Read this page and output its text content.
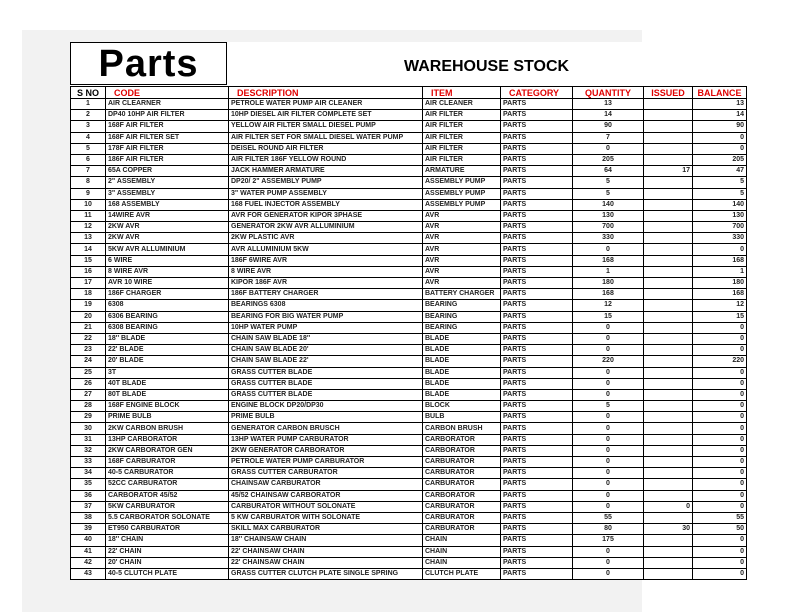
Parts	WAREHOUSE STOCK
S NO	CODE	DESCRIPTION	ITEM	CATEGORY	QUANTITY	ISSUED	BALANCE
1	AIR CLEARNER	PETROLE WATER PUMP AIR CLEANER	AIR CLEANER	PARTS	13		13
2	DP40 10HP AIR FILTER	10HP DIESEL AIR FILTER COMPLETE SET	AIR FILTER	PARTS	14		14
3	168F AIR FILTER	YELLOW AIR FILTER SMALL DIESEL PUMP	AIR FILTER	PARTS	90		90
4	168F AIR FILTER SET	AIR FILTER SET FOR SMALL DIESEL WATER PUMP	AIR FILTER	PARTS	7		0
5	178F AIR FILTER	DEISEL ROUND AIR FILTER	AIR FILTER	PARTS	0		0
6	186F AIR FILTER	AIR FILTER 186F YELLOW ROUND	AIR FILTER	PARTS	205		205
7	65A COPPER	JACK HAMMER ARMATURE	ARMATURE	PARTS	64	17	47
8	2" ASSEMBLY	DP20/ 2" ASSEMBLY PUMP	ASSEMBLY PUMP	PARTS	5		5
9	3" ASSEMBLY	3" WATER PUMP ASSEMBLY	ASSEMBLY PUMP	PARTS	5		5
10	168 ASSEMBLY	168 FUEL INJECTOR ASSEMBLY	ASSEMBLY PUMP	PARTS	140		140
11	14WIRE AVR	AVR FOR GENERATOR KIPOR 3PHASE	AVR	PARTS	130		130
12	2KW AVR	GENERATOR 2KW AVR ALLUMINIUM	AVR	PARTS	700		700
13	2KW AVR	2KW PLASTIC AVR	AVR	PARTS	330		330
14	5KW AVR ALLUMINIUM	AVR ALLUMINIUM 5KW	AVR	PARTS	0		0
15	6 WIRE	186F 6WIRE AVR	AVR	PARTS	168		168
16	8 WIRE AVR	8 WIRE AVR	AVR	PARTS	1		1
17	AVR 10 WIRE	KIPOR 186F AVR	AVR	PARTS	180		180
18	186F CHARGER	186F BATTERY CHARGER	BATTERY CHARGER	PARTS	168		168
19	6308	BEARINGS 6308	BEARING	PARTS	12		12
20	6306 BEARING	BEARING FOR BIG WATER PUMP	BEARING	PARTS	15		15
21	6308 BEARING	10HP WATER PUMP	BEARING	PARTS	0		0
22	18'' BLADE	CHAIN SAW BLADE 18''	BLADE	PARTS	0		0
23	22' BLADE	CHAIN SAW BLADE 20'	BLADE	PARTS	0		0
24	20' BLADE	CHAIN SAW BLADE 22'	BLADE	PARTS	220		220
25	3T	GRASS CUTTER BLADE	BLADE	PARTS	0		0
26	40T BLADE	GRASS CUTTER BLADE	BLADE	PARTS	0		0
27	80T BLADE	GRASS CUTTER BLADE	BLADE	PARTS	0		0
28	168F ENGINE BLOCK	ENGINE BLOCK DP20/DP30	BLOCK	PARTS	5		0
29	PRIME BULB	PRIME BULB	BULB	PARTS	0		0
30	2KW CARBON BRUSH	GENERATOR CARBON BRUSCH	CARBON BRUSH	PARTS	0		0
31	13HP CARBORATOR	13HP WATER PUMP CARBURATOR	CARBORATOR	PARTS	0		0
32	2KW CARBORATOR GEN	2KW GENERATOR CARBORATOR	CARBORATOR	PARTS	0		0
33	168F CARBURATOR	PETROLE WATER PUMP CARBURATOR	CARBURATOR	PARTS	0		0
34	40-5 CARBURATOR	GRASS CUTTER CARBURATOR	CARBURATOR	PARTS	0		0
35	52CC CARBURATOR	CHAINSAW CARBURATOR	CARBURATOR	PARTS	0		0
36	CARBORATOR 45/52	45/52 CHAINSAW CARBORATOR	CARBORATOR	PARTS	0		0
37	5KW CARBURATOR	CARBURATOR WITHOUT SOLONATE	CARBURATOR	PARTS	0	0	0
38	5.5 CARBORATOR SOLONATE	5 KW CARBURATOR WITH SOLONATE	CARBURATOR	PARTS	55		55
39	ET950 CARBURATOR	SKILL MAX CARBURATOR	CARBURATOR	PARTS	80	30	50
40	18'' CHAIN	18'' CHAINSAW CHAIN	CHAIN	PARTS	175		0
41	22' CHAIN	22' CHAINSAW CHAIN	CHAIN	PARTS	0		0
42	20' CHAIN	22' CHAINSAW CHAIN	CHAIN	PARTS	0		0
43	40-5 CLUTCH PLATE	GRASS CUTTER CLUTCH PLATE SINGLE SPRING	CLUTCH PLATE	PARTS	0		0
